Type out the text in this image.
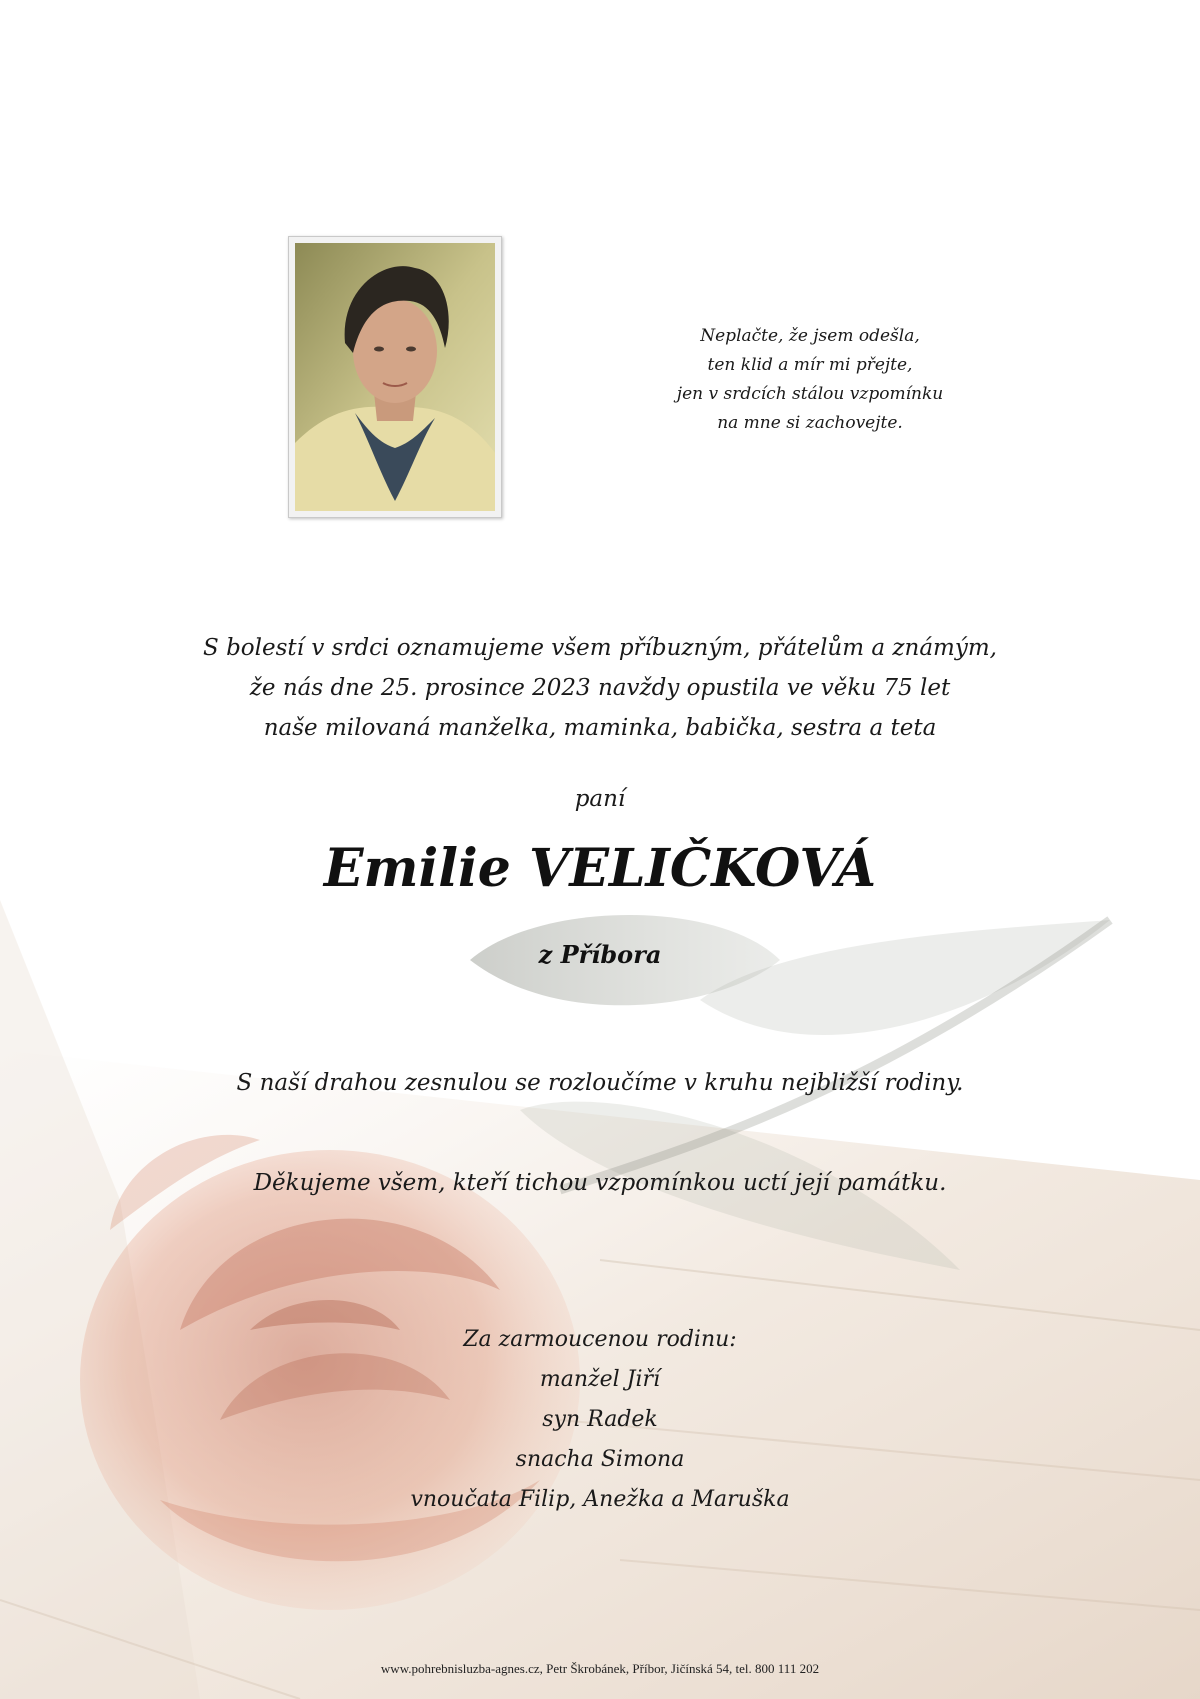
Neplačte, že jsem odešla,
ten klid a mír mi přejte,
jen v srdcích stálou vzpomínku
na mne si zachovejte.
S bolestí v srdci oznamujeme všem příbuzným, přátelům a známým,
že nás dne 25. prosince 2023 navždy opustila ve věku 75 let
naše milovaná manželka, maminka, babička, sestra a teta
paní
Emilie VELIČKOVÁ
z Příbora
S naší drahou zesnulou se rozloučíme v kruhu nejbližší rodiny.
Děkujeme všem, kteří tichou vzpomínkou uctí její památku.
Za zarmoucenou rodinu:
manžel Jiří
syn Radek
snacha Simona
vnoučata Filip, Anežka a Maruška
www.pohrebnisluzba-agnes.cz, Petr Škrobánek, Příbor, Jičínská 54, tel. 800 111 202
